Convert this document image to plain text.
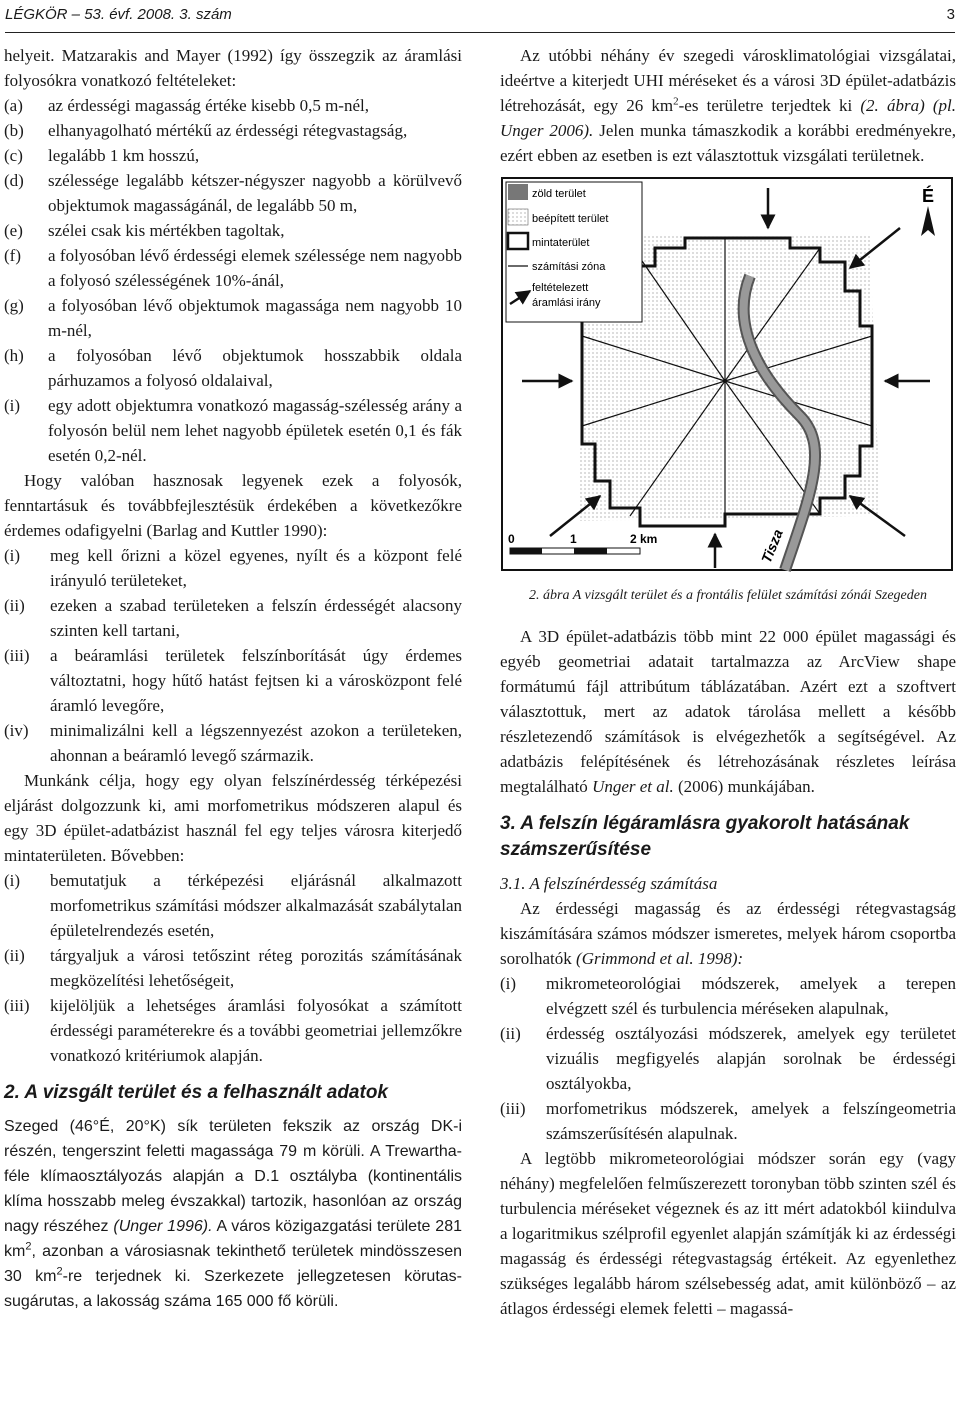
LÉGKÖR – 53. évf. 2008. 3. szám	3

helyeit. Matzarakis and Mayer (1992) így összegzik az áramlási folyosókra vonatkozó feltételeket:

(a)	az érdességi magasság értéke kisebb 0,5 m-nél,
(b)	elhanyagolható mértékű az érdességi rétegvastagság,
(c)	legalább 1 km hosszú,
(d)	szélessége legalább kétszer-négyszer nagyobb a körülvevő objektumok magasságánál, de legalább 50 m,
(e)	szélei csak kis mértékben tagoltak,
(f)	a folyosóban lévő érdességi elemek szélessége nem nagyobb a folyosó szélességének 10%-ánál,
(g)	a folyosóban lévő objektumok magassága nem nagyobb 10 m-nél,
(h)	a folyosóban lévő objektumok hosszabbik oldala párhuzamos a folyosó oldalaival,
(i)	egy adott objektumra vonatkozó magasság-szélesség arány a folyosón belül nem lehet nagyobb épületek esetén 0,1 és fák esetén 0,2-nél.

Hogy valóban hasznosak legyenek ezek a folyosók, fenntartásuk és továbbfejlesztésük érdekében a következőkre érdemes odafigyelni (Barlag and Kuttler 1990):

(i)	meg kell őrizni a közel egyenes, nyílt és a központ felé irányuló területeket,
(ii)	ezeken a szabad területeken a felszín érdességét alacsony szinten kell tartani,
(iii)	a beáramlási területek felszínborítását úgy érdemes változtatni, hogy hűtő hatást fejtsen ki a városközpont felé áramló levegőre,
(iv)	minimalizálni kell a légszennyezést azokon a területeken, ahonnan a beáramló levegő származik.

Munkánk célja, hogy egy olyan felszínérdesség térképezési eljárást dolgozzunk ki, ami morfometrikus módszeren alapul és egy 3D épület-adatbázist használ fel egy teljes városra kiterjedő mintaterületen. Bővebben:

(i)	bemutatjuk a térképezési eljárásnál alkalmazott morfometrikus számítási módszer alkalmazását szabálytalan épületelrendezés esetén,
(ii)	tárgyaljuk a városi tetőszint réteg porozitás számításának megközelítési lehetőségeit,
(iii)	kijelöljük a lehetséges áramlási folyosókat a számított érdességi paraméterekre és a további geometriai jellemzőkre vonatkozó kritériumok alapján.
2. A vizsgált terület és a felhasznált adatok

Szeged (46°É, 20°K) sík területen fekszik az ország DK-i részén, tengerszint feletti magassága 79 m körüli. A Trewartha-féle klímaosztályozás alapján a D.1 osztályba (kontinentális klíma hosszabb meleg évszakkal) tartozik, hasonlóan az ország nagy részéhez (Unger 1996). A város közigazgatási területe 281 $km^2$, azonban a városiasnak tekinthető területek mindösszesen 30 $km^2-re$ terjednek ki. Szerkezete jellegzetesen körutas-sugárutas, a lakosság száma 165 000 fő körüli.

Az utóbbi néhány év szegedi városklimatológiai vizsgálatai, ideértve a kiterjedt UHI méréseket és a városi 3D épület-adatbázis létrehozását, egy 26 $km^2-es$ területre terjedtek ki (2. ábra) (pl. Unger 2006). Jelen munka támaszkodik a korábbi eredményekre, ezért ebben az esetben is ezt választottuk vizsgálati területnek.

zöld terület
beépített terület
mintaterület
számítási zóna
feltételezett
áramlási irány
É
0	1	2 km	Tisza
2. ábra A vizsgált terület és a frontális felület számítási zónái Szegeden

A 3D épület-adatbázis több mint 22 000 épület magassági és egyéb geometriai adatait tartalmazza az ArcView shape formátumú fájl attribútum táblázatában. Azért ezt a szoftvert választottuk, mert az adatok tárolása mellett a később részletezendő számítások is elvégezhetők a segítségével. Az adatbázis felépítésének és létrehozásának részletes leírása megtalálható Unger et al. (2006) munkájában.

3. A felszín légáramlásra gyakorolt hatásának számszerűsítése
3.1. A felszínérdesség számítása

Az érdességi magasság és az érdességi rétegvastagság kiszámítására számos módszer ismeretes, melyek három csoportba sorolhatók (Grimmond et al. 1998):

(i)	mikrometeorológiai módszerek, amelyek a terepen elvégzett szél és turbulencia méréseken alapulnak,
(ii)	érdesség osztályozási módszerek, amelyek egy területet vizuális megfigyelés alapján sorolnak be érdességi osztályokba,
(iii)	morfometrikus módszerek, amelyek a felszíngeometria számszerűsítésén alapulnak.

A legtöbb mikrometeorológiai módszer során egy (vagy néhány) megfelelően felműszerezett toronyban több szinten szél és turbulencia méréseket végeznek és az itt mért adatokból kiindulva a logaritmikus szélprofil egyenlet alapján számítják ki az érdességi magasság és érdességi rétegvastagság értékeit. Az egyenlethez szükséges legalább három szélsebesség adat, amit különböző – az átlagos érdességi elemek feletti – magassá-
